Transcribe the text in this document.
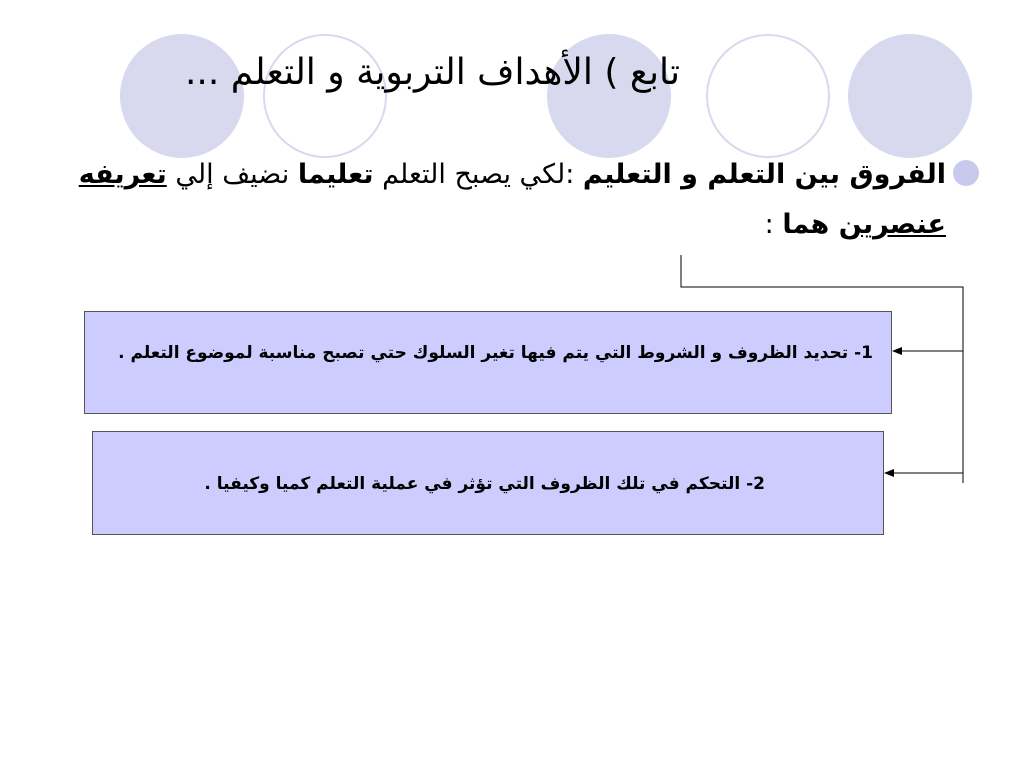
تابع ) الأهداف التربوية و التعلم ...
الفروق بين التعلم و التعليم :لكي يصبح التعلم تعليما نضيف إلي تعريفه عنصرين هما :
1- تحديد الظروف و الشروط التي يتم فيها تغير السلوك حتي تصبح مناسبة لموضوع التعلم .
2- التحكم في تلك الظروف التي تؤثر في عملية التعلم كميا وكيفيا .
